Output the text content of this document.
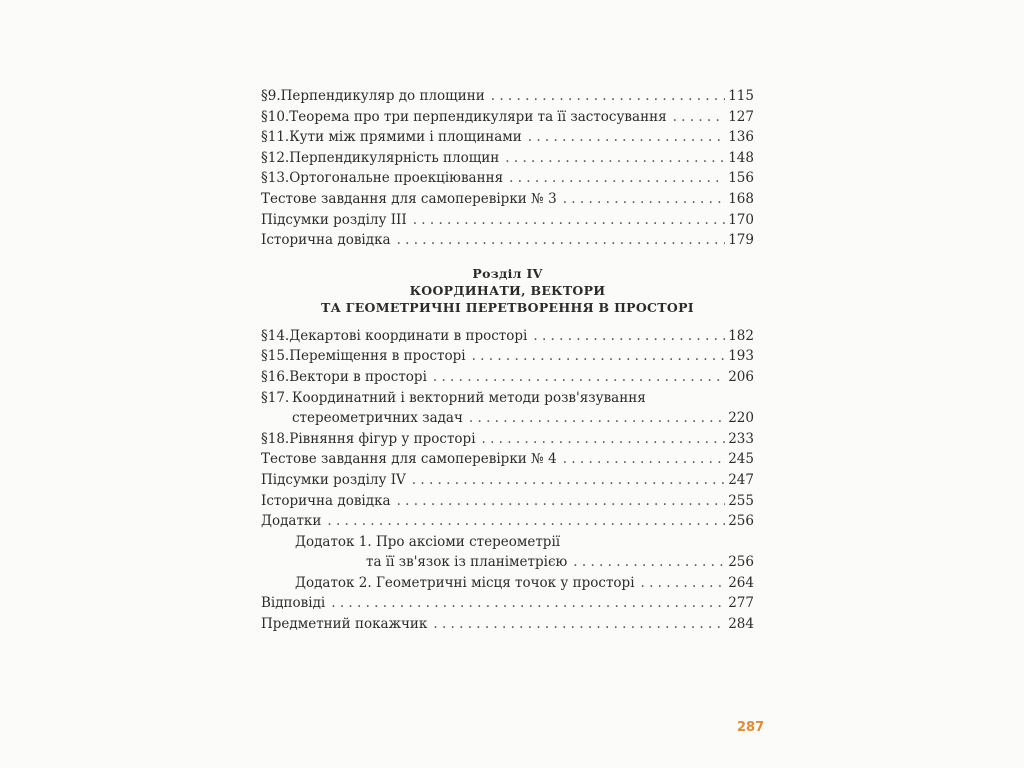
§9. Перпендикуляр до площини . . .	115
§10. Теорема про три перпендикуляри та її застосування . . .	127
§11. Кути між прямими і площинами . . .	136
§12. Перпендикулярність площин . . .	148
§13. Ортогональне проекціювання . . .	156
Тестове завдання для самоперевірки № 3 . . .	168
Підсумки розділу III . . .	170
Історична довідка . . .	179
Розділ IV
КООРДИНАТИ, ВЕКТОРИ
ТА ГЕОМЕТРИЧНІ ПЕРЕТВОРЕННЯ В ПРОСТОРІ
§14. Декартові координати в просторі . . .	182
§15. Переміщення в просторі . . .	193
§16. Вектори в просторі . . .	206
§17. Координатний і векторний методи розв'язування
стереометричних задач . . .	220
§18. Рівняння фігур у просторі . . .	233
Тестове завдання для самоперевірки № 4 . . .	245
Підсумки розділу IV . . .	247
Історична довідка . . .	255
Додатки . . .	256
Додаток 1. Про аксіоми стереометрії
та її зв'язок із планіметрією . . .	256
Додаток 2. Геометричні місця точок у просторі . . .	264
Відповіді . . .	277
Предметний покажчик . . .	284
287
